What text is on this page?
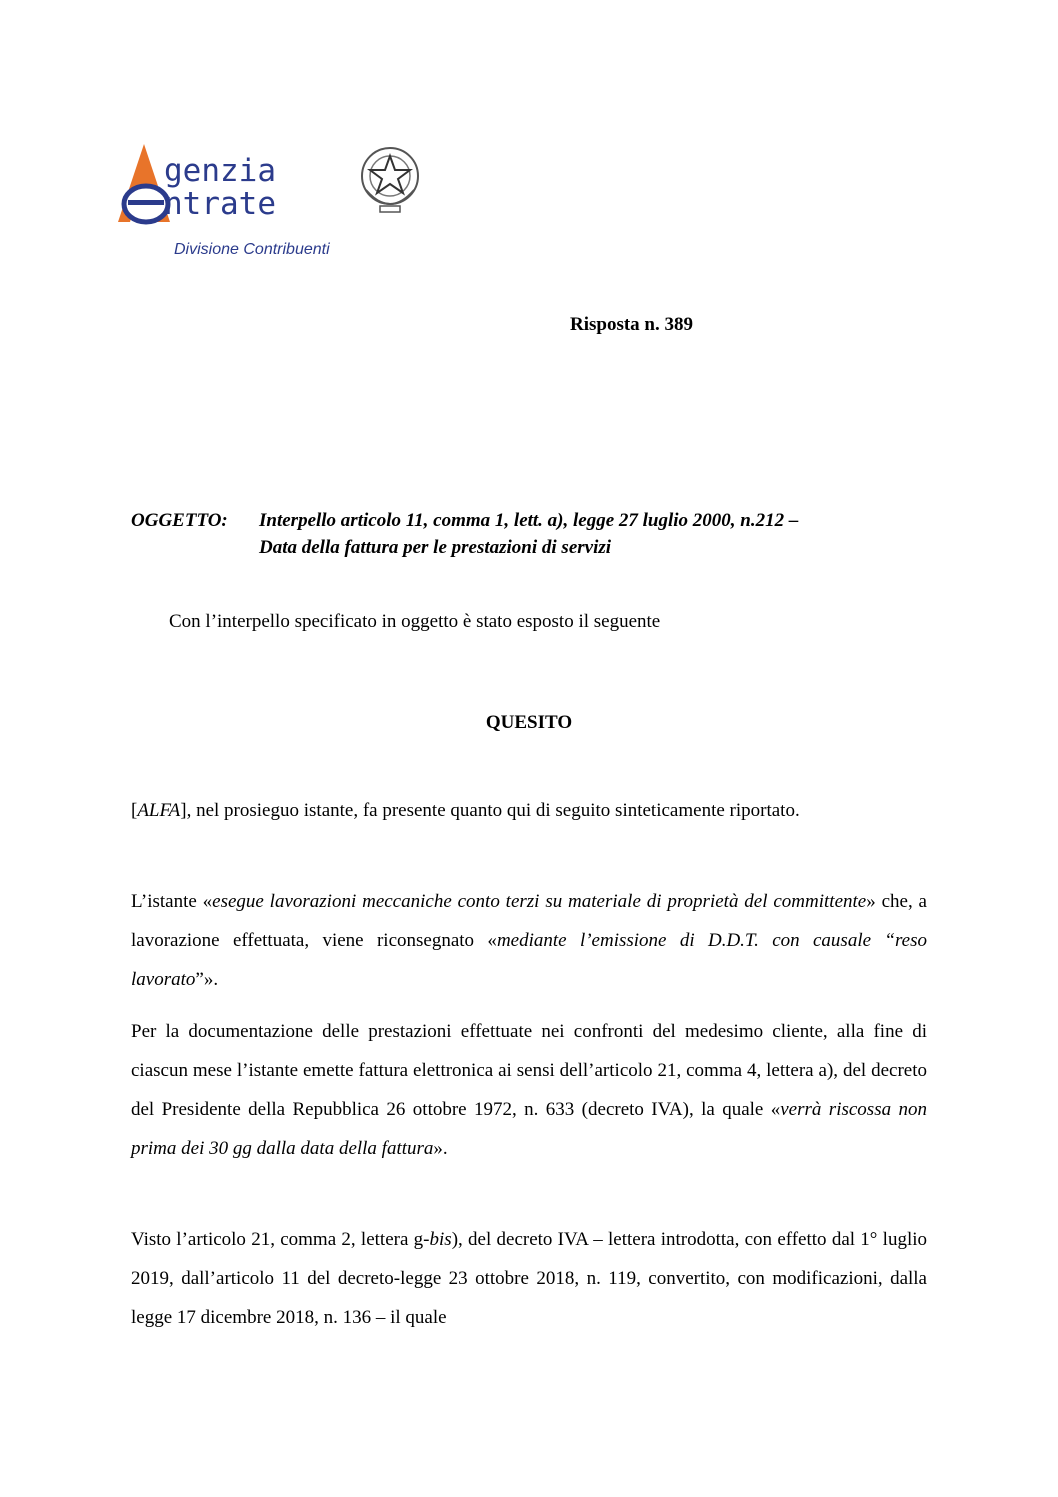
genzia
ntrate
Divisione Contribuenti
Risposta n. 389
OGGETTO: Interpello articolo 11, comma 1, lett. a), legge 27 luglio 2000, n.212 –
Data della fattura per le prestazioni di servizi
Con l’interpello specificato in oggetto è stato esposto il seguente
QUESITO
[ALFA], nel prosieguo istante, fa presente quanto qui di seguito sinteticamente riportato.
L’istante «esegue lavorazioni meccaniche conto terzi su materiale di proprietà del committente» che, a lavorazione effettuata, viene riconsegnato «mediante l’emissione di D.D.T. con causale “reso lavorato”».
Per la documentazione delle prestazioni effettuate nei confronti del medesimo cliente, alla fine di ciascun mese l’istante emette fattura elettronica ai sensi dell’articolo 21, comma 4, lettera a), del decreto del Presidente della Repubblica 26 ottobre 1972, n. 633 (decreto IVA), la quale «verrà riscossa non prima dei 30 gg dalla data della fattura».
Visto l’articolo 21, comma 2, lettera g-bis), del decreto IVA – lettera introdotta, con effetto dal 1° luglio 2019, dall’articolo 11 del decreto-legge 23 ottobre 2018, n. 119, convertito, con modificazioni, dalla legge 17 dicembre 2018, n. 136 – il quale
